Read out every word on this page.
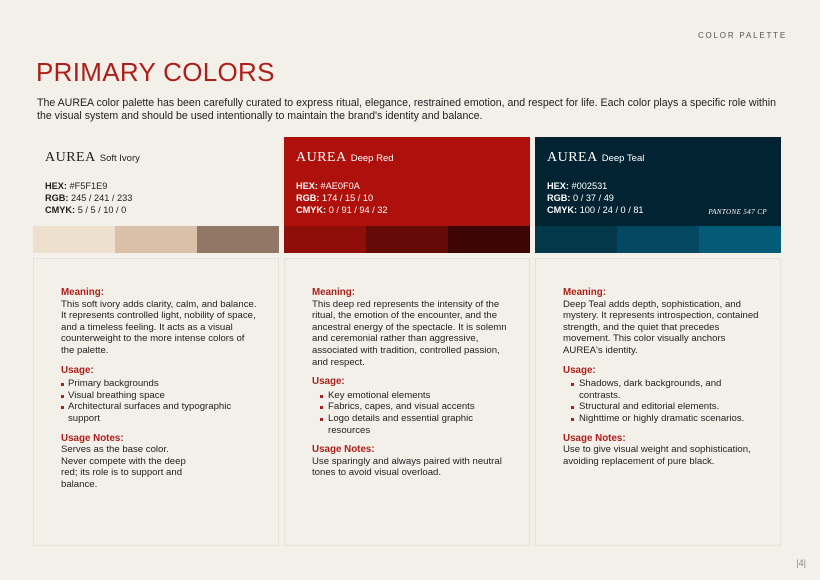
COLOR PALETTE
PRIMARY COLORS

The AUREA color palette has been carefully curated to express ritual, elegance, restrained emotion, and respect for life. Each color plays a specific role within the visual system and should be used intentionally to maintain the brand's identity and balance.

AUREA Soft Ivory
HEX: #F5F1E9
RGB: 245 / 241 / 233
CMYK: 5 / 5 / 10 / 0
Meaning:

This soft ivory adds clarity, calm, and balance. It represents controlled light, nobility of space, and a timeless feeling. It acts as a visual counterweight to the more intense colors of the palette.

Usage:
Primary backgrounds
Visual breathing space
Architectural surfaces and typographic support
Usage Notes:

Serves as the base color. Never compete with the deep red; its role is to support and balance.

AUREA Deep Red
HEX: #AE0F0A
RGB: 174 / 15 / 10
CMYK: 0 / 91 / 94 / 32
Meaning:

This deep red represents the intensity of the ritual, the emotion of the encounter, and the ancestral energy of the spectacle. It is solemn and ceremonial rather than aggressive, associated with tradition, controlled passion, and respect.

Usage:
Key emotional elements
Fabrics, capes, and visual accents
Logo details and essential graphic resources
Usage Notes:

Use sparingly and always paired with neutral tones to avoid visual overload.

AUREA Deep Teal
HEX: #002531
RGB: 0 / 37 / 49
CMYK: 100 / 24 / 0 / 81	PANTONE 547 CP
Meaning:

Deep Teal adds depth, sophistication, and mystery. It represents introspection, contained strength, and the quiet that precedes movement. This color visually anchors AUREA's identity.

Usage:
Shadows, dark backgrounds, and contrasts.
Structural and editorial elements.
Nighttime or highly dramatic scenarios.
Usage Notes:

Use to give visual weight and sophistication, avoiding replacement of pure black.

|4|
